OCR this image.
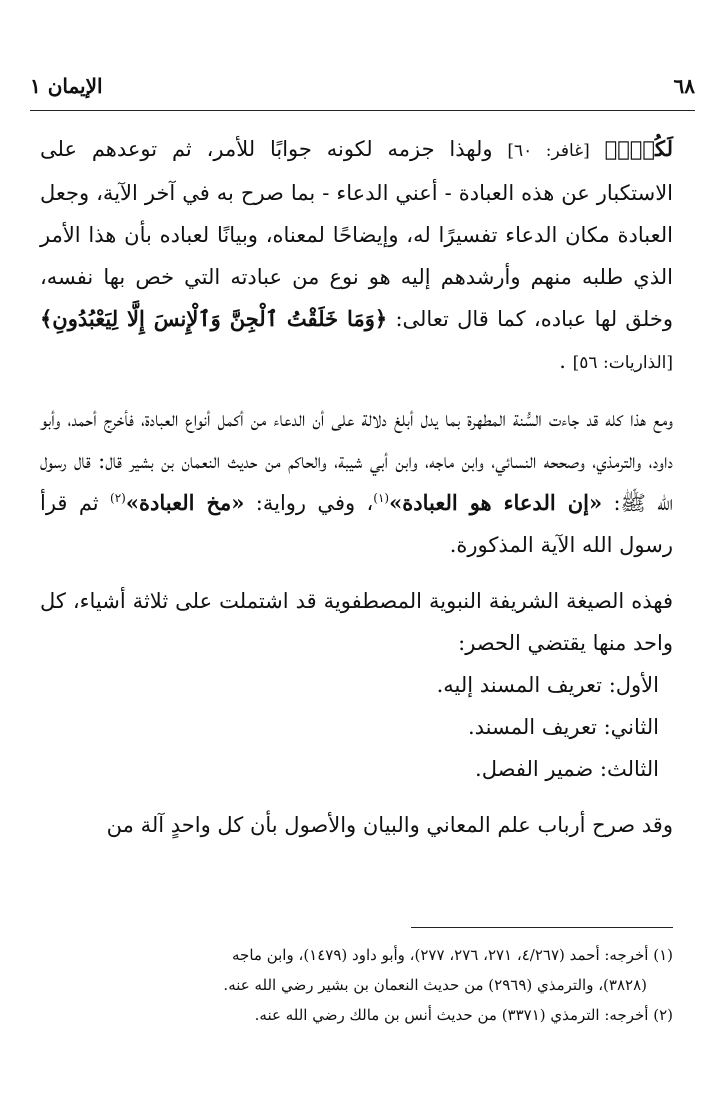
٦٨
الإيمان ١

لَكُمْۚ﴾ [غافر: ٦٠] ولهذا جزمه لكونه جوابًا للأمر، ثم توعدهم على الاستكبار عن هذه العبادة - أعني الدعاء - بما صرح به في آخر الآية، وجعل العبادة مكان الدعاء تفسيرًا له، وإيضاحًا لمعناه، وبيانًا لعباده بأن هذا الأمر الذي طلبه منهم وأرشدهم إليه هو نوع من عبادته التي خص بها نفسه، وخلق لها عباده، كما قال تعالى: ﴿وَمَا خَلَقْتُ ٱلْجِنَّ وَٱلْإِنسَ إِلَّا لِيَعْبُدُونِ﴾ [الذاريات: ٥٦] .

ومع هذا كله قد جاءت السُّنة المطهرة بما يدل أبلغ دلالة على أن الدعاء من أكمل أنواع العبادة، فأخرج أحمد، وأبو داود، والترمذي، وصححه النسائي، وابن ماجه، وابن أبي شيبة، والحاكم من حديث النعمان بن بشير قال: قال رسول الله ﷺ: «إن الدعاء هو العبادة»$^{(١)}$، وفي رواية: «مخ العبادة»$^{(٢)}$ ثم قرأ رسول الله الآية المذكورة.

فهذه الصيغة الشريفة النبوية المصطفوية قد اشتملت على ثلاثة أشياء، كل واحد منها يقتضي الحصر:

الأول: تعريف المسند إليه.

الثاني: تعريف المسند.

الثالث: ضمير الفصل.

وقد صرح أرباب علم المعاني والبيان والأصول بأن كل واحدٍ آلة من

(١) أخرجه: أحمد (٤/٢٦٧، ٢٧١، ٢٧٦، ٢٧٧)، وأبو داود (١٤٧٩)، وابن ماجه

(٣٨٢٨)، والترمذي (٢٩٦٩) من حديث النعمان بن بشير رضي الله عنه.

(٢) أخرجه: الترمذي (٣٣٧١) من حديث أنس بن مالك رضي الله عنه.
